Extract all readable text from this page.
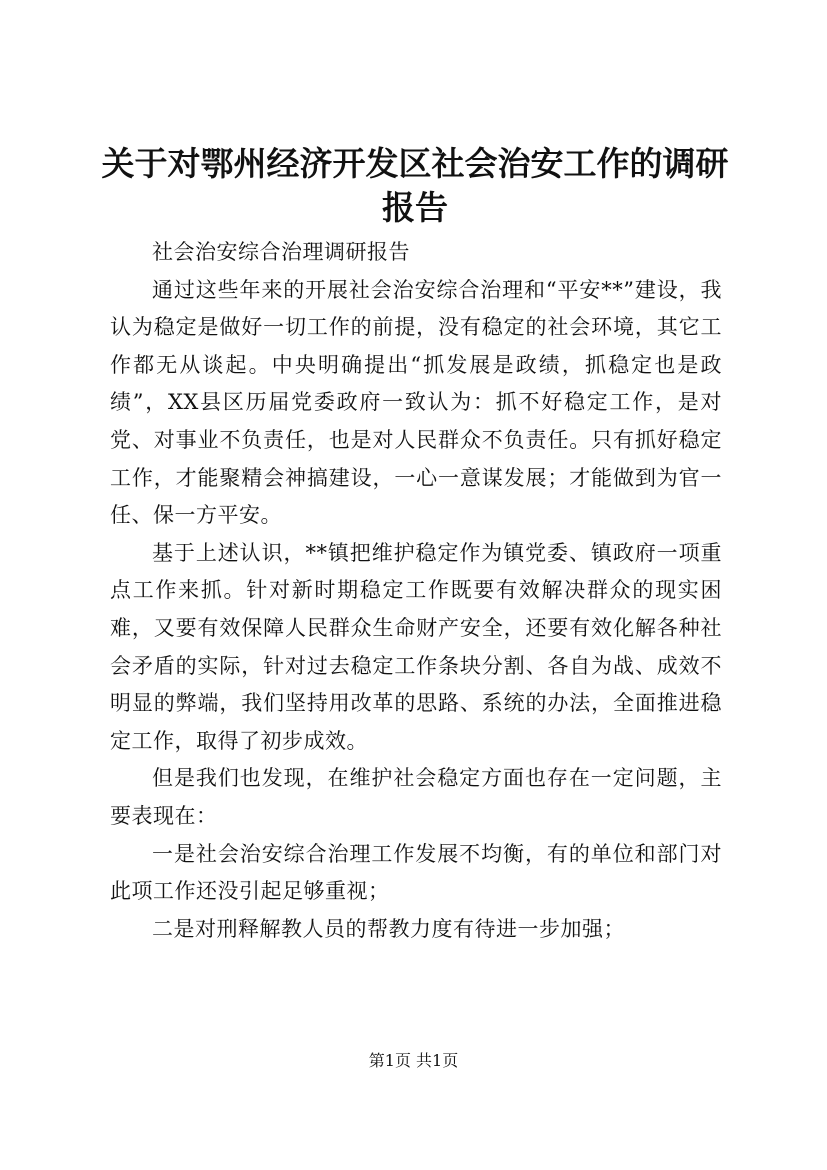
关于对鄂州经济开发区社会治安工作的调研报告

社会治安综合治理调研报告

通过这些年来的开展社会治安综合治理和“平安**”建设，我认为稳定是做好一切工作的前提，没有稳定的社会环境，其它工作都无从谈起。中央明确提出“抓发展是政绩，抓稳定也是政绩”，XX县区历届党委政府一致认为：抓不好稳定工作，是对党、对事业不负责任，也是对人民群众不负责任。只有抓好稳定工作，才能聚精会神搞建设，一心一意谋发展；才能做到为官一任、保一方平安。

基于上述认识，**镇把维护稳定作为镇党委、镇政府一项重点工作来抓。针对新时期稳定工作既要有效解决群众的现实困难，又要有效保障人民群众生命财产安全，还要有效化解各种社会矛盾的实际，针对过去稳定工作条块分割、各自为战、成效不明显的弊端，我们坚持用改革的思路、系统的办法，全面推进稳定工作，取得了初步成效。

但是我们也发现，在维护社会稳定方面也存在一定问题，主要表现在：

一是社会治安综合治理工作发展不均衡，有的单位和部门对此项工作还没引起足够重视；

二是对刑释解教人员的帮教力度有待进一步加强；

第1页 共1页
